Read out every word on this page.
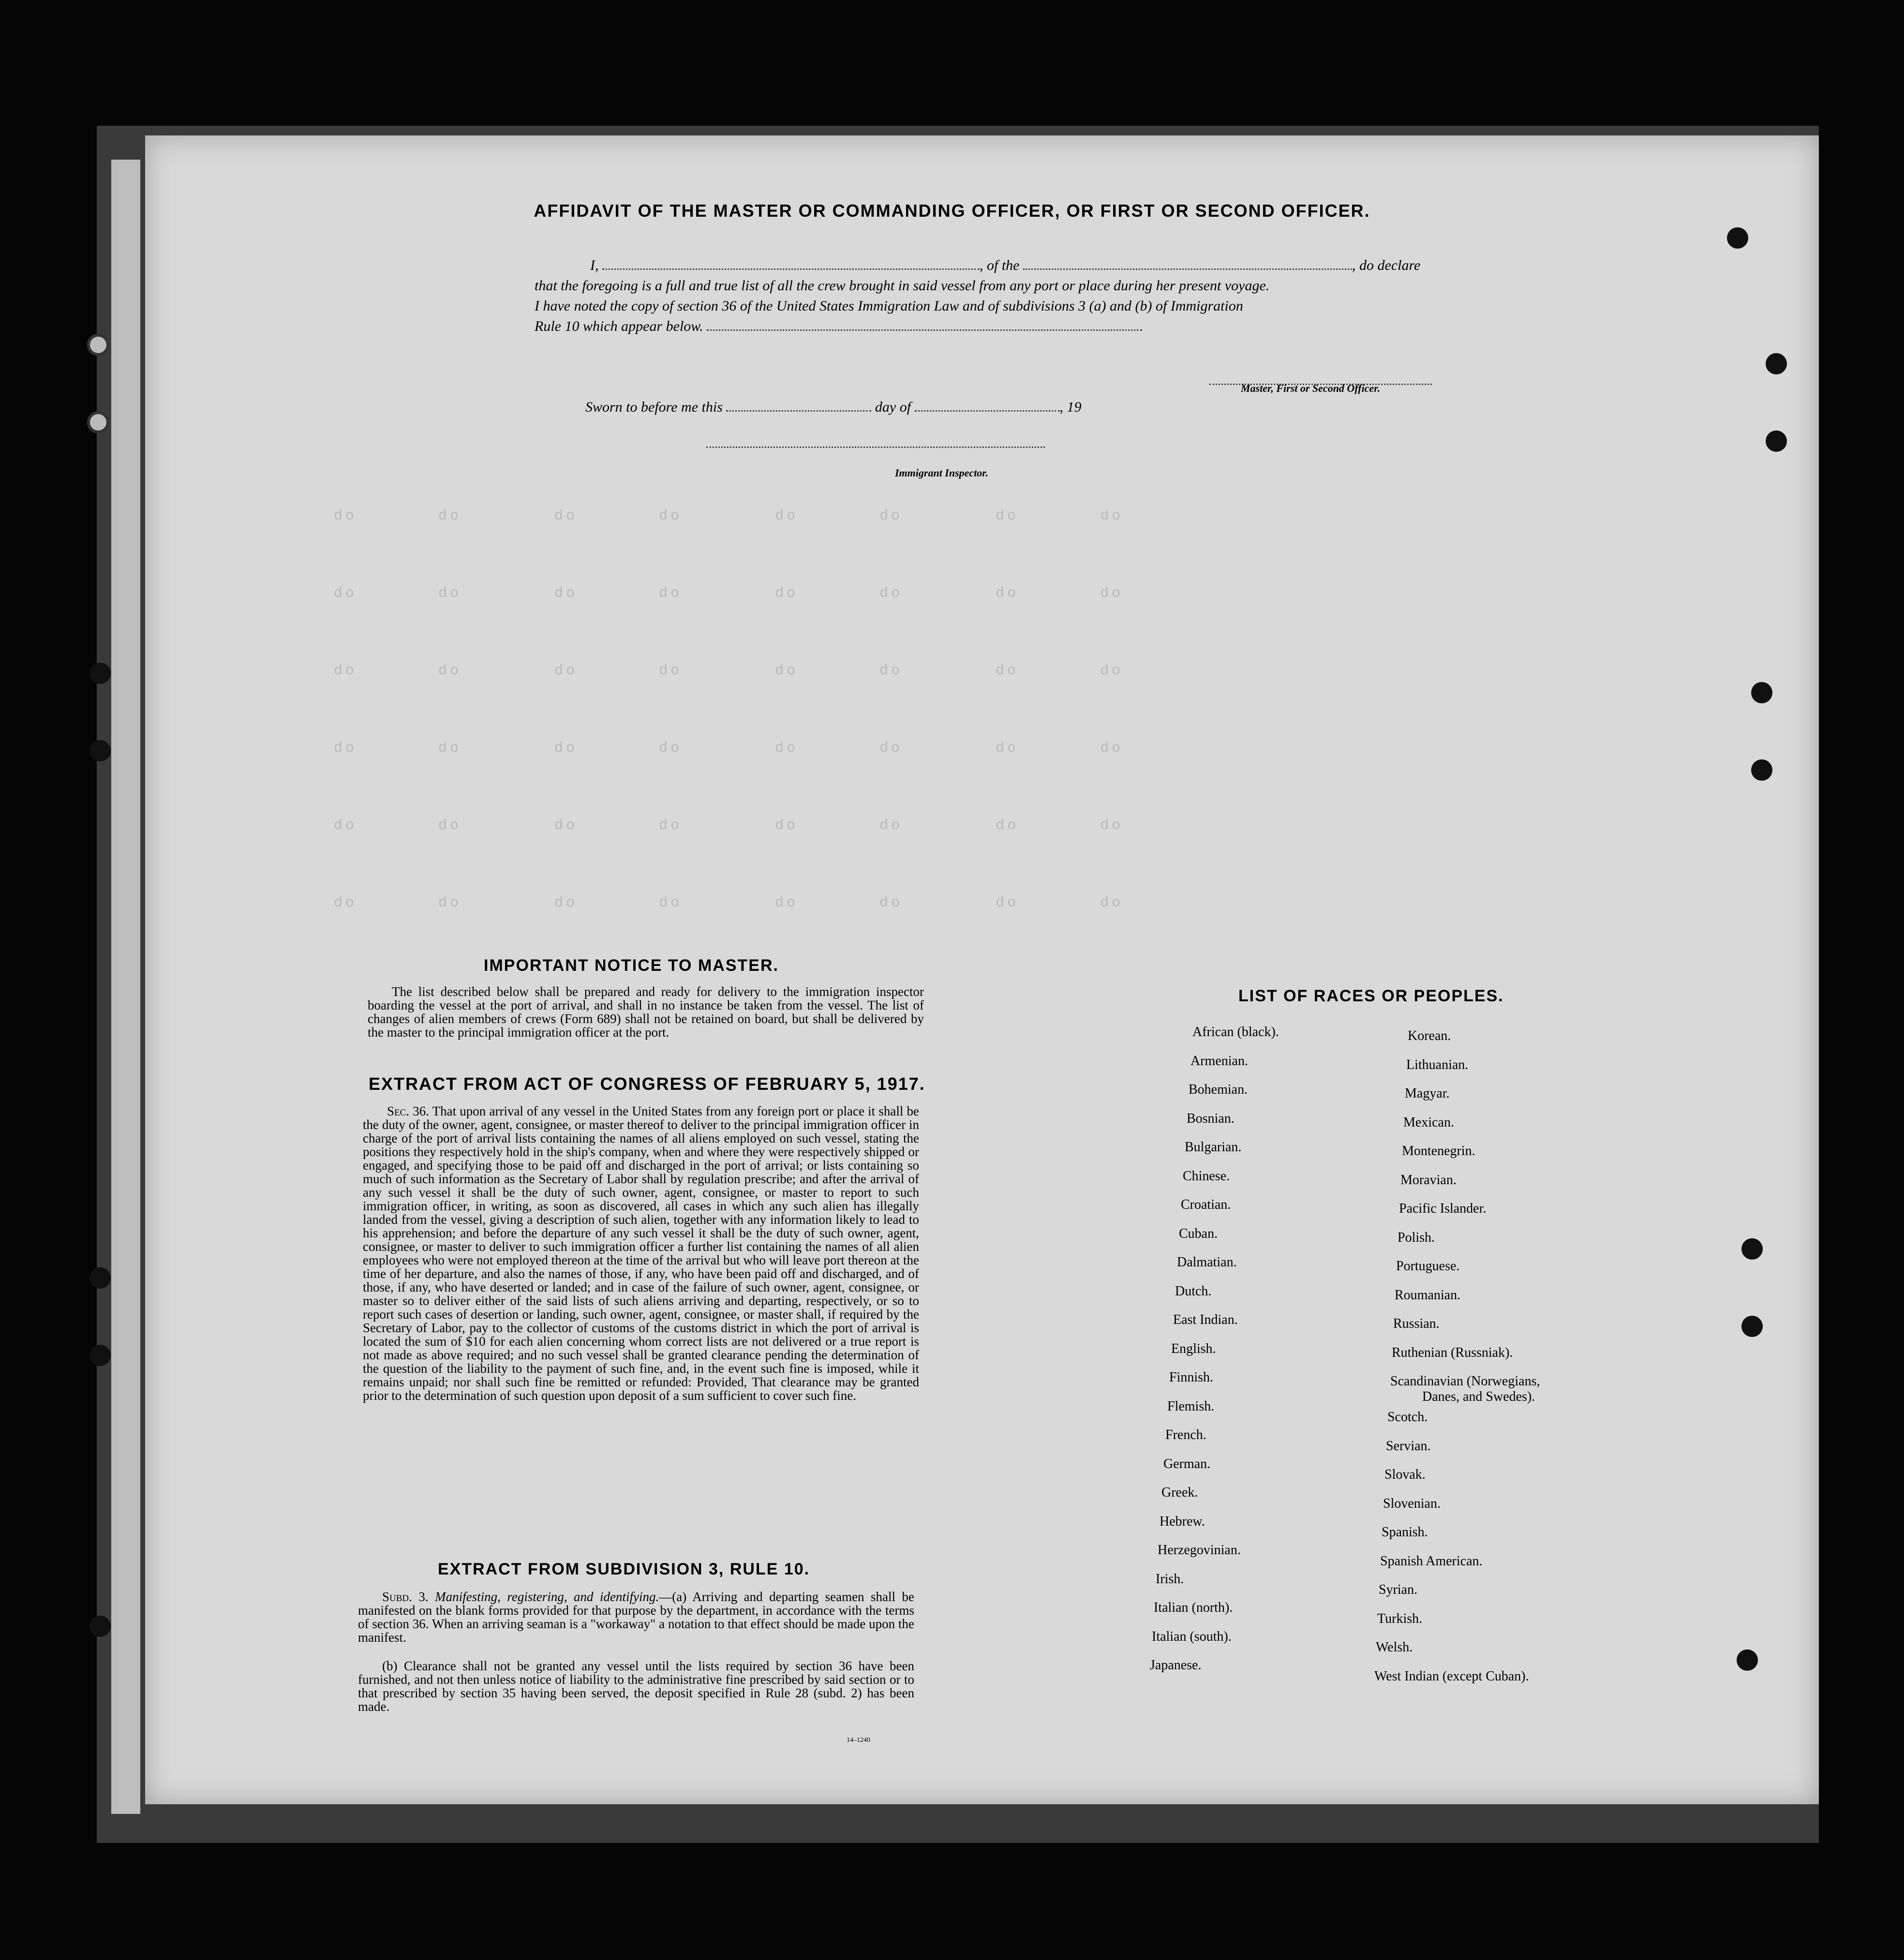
do       do        do       do        do       do        do       do
do       do        do       do        do       do        do       do
do       do        do       do        do       do        do       do
do       do        do       do        do       do        do       do
do       do        do       do        do       do        do       do
do       do        do       do        do       do        do       do
AFFIDAVIT OF THE MASTER OR COMMANDING OFFICER, OR FIRST OR SECOND OFFICER.
I,	, of the	, do declare
that the foregoing is a full and true list of all the crew brought in said vessel from any port or place during her present voyage.
I have noted the copy of section 36 of the United States Immigration Law and of subdivisions 3 (a) and (b) of Immigration
Rule 10 which appear below.
Master, First or Second Officer.
Sworn to before me this	day of	, 19
Immigrant Inspector.
IMPORTANT NOTICE TO MASTER.
The list described below shall be prepared and ready for delivery to the immigration inspector boarding the vessel at the port of arrival, and shall in no instance be taken from the vessel. The list of changes of alien members of crews (Form 689) shall not be retained on board, but shall be delivered by the master to the principal immigration officer at the port.
EXTRACT FROM ACT OF CONGRESS OF FEBRUARY 5, 1917.
Sec. 36. That upon arrival of any vessel in the United States from any foreign port or place it shall be the duty of the owner, agent, consignee, or master thereof to deliver to the principal immigration officer in charge of the port of arrival lists containing the names of all aliens employed on such vessel, stating the positions they respectively hold in the ship's company, when and where they were respectively shipped or engaged, and specifying those to be paid off and discharged in the port of arrival; or lists containing so much of such information as the Secretary of Labor shall by regulation prescribe; and after the arrival of any such vessel it shall be the duty of such owner, agent, consignee, or master to report to such immigration officer, in writing, as soon as discovered, all cases in which any such alien has illegally landed from the vessel, giving a description of such alien, together with any information likely to lead to his apprehension; and before the departure of any such vessel it shall be the duty of such owner, agent, consignee, or master to deliver to such immigration officer a further list containing the names of all alien employees who were not employed thereon at the time of the arrival but who will leave port thereon at the time of her departure, and also the names of those, if any, who have been paid off and discharged, and of those, if any, who have deserted or landed; and in case of the failure of such owner, agent, consignee, or master so to deliver either of the said lists of such aliens arriving and departing, respectively, or so to report such cases of desertion or landing, such owner, agent, consignee, or master shall, if required by the Secretary of Labor, pay to the collector of customs of the customs district in which the port of arrival is located the sum of $10 for each alien concerning whom correct lists are not delivered or a true report is not made as above required; and no such vessel shall be granted clearance pending the determination of the question of the liability to the payment of such fine, and, in the event such fine is imposed, while it remains unpaid; nor shall such fine be remitted or refunded: Provided, That clearance may be granted prior to the determination of such question upon deposit of a sum sufficient to cover such fine.
EXTRACT FROM SUBDIVISION 3, RULE 10.
Subd. 3. Manifesting, registering, and identifying.—(a) Arriving and departing seamen shall be manifested on the blank forms provided for that purpose by the department, in accordance with the terms of section 36. When an arriving seaman is a "workaway" a notation to that effect should be made upon the manifest.
(b) Clearance shall not be granted any vessel until the lists required by section 36 have been furnished, and not then unless notice of liability to the administrative fine prescribed by said section or to that prescribed by section 35 having been served, the deposit specified in Rule 28 (subd. 2) has been made.
14–1240
LIST OF RACES OR PEOPLES.
African (black).
Armenian.
Bohemian.
Bosnian.
Bulgarian.
Chinese.
Croatian.
Cuban.
Dalmatian.
Dutch.
East Indian.
English.
Finnish.
Flemish.
French.
German.
Greek.
Hebrew.
Herzegovinian.
Irish.
Italian (north).
Italian (south).
Japanese.
Korean.
Lithuanian.
Magyar.
Mexican.
Montenegrin.
Moravian.
Pacific Islander.
Polish.
Portuguese.
Roumanian.
Russian.
Ruthenian (Russniak).
Scandinavian (Norwegians,
Danes, and Swedes).
Scotch.
Servian.
Slovak.
Slovenian.
Spanish.
Spanish American.
Syrian.
Turkish.
Welsh.
West Indian (except Cuban).
